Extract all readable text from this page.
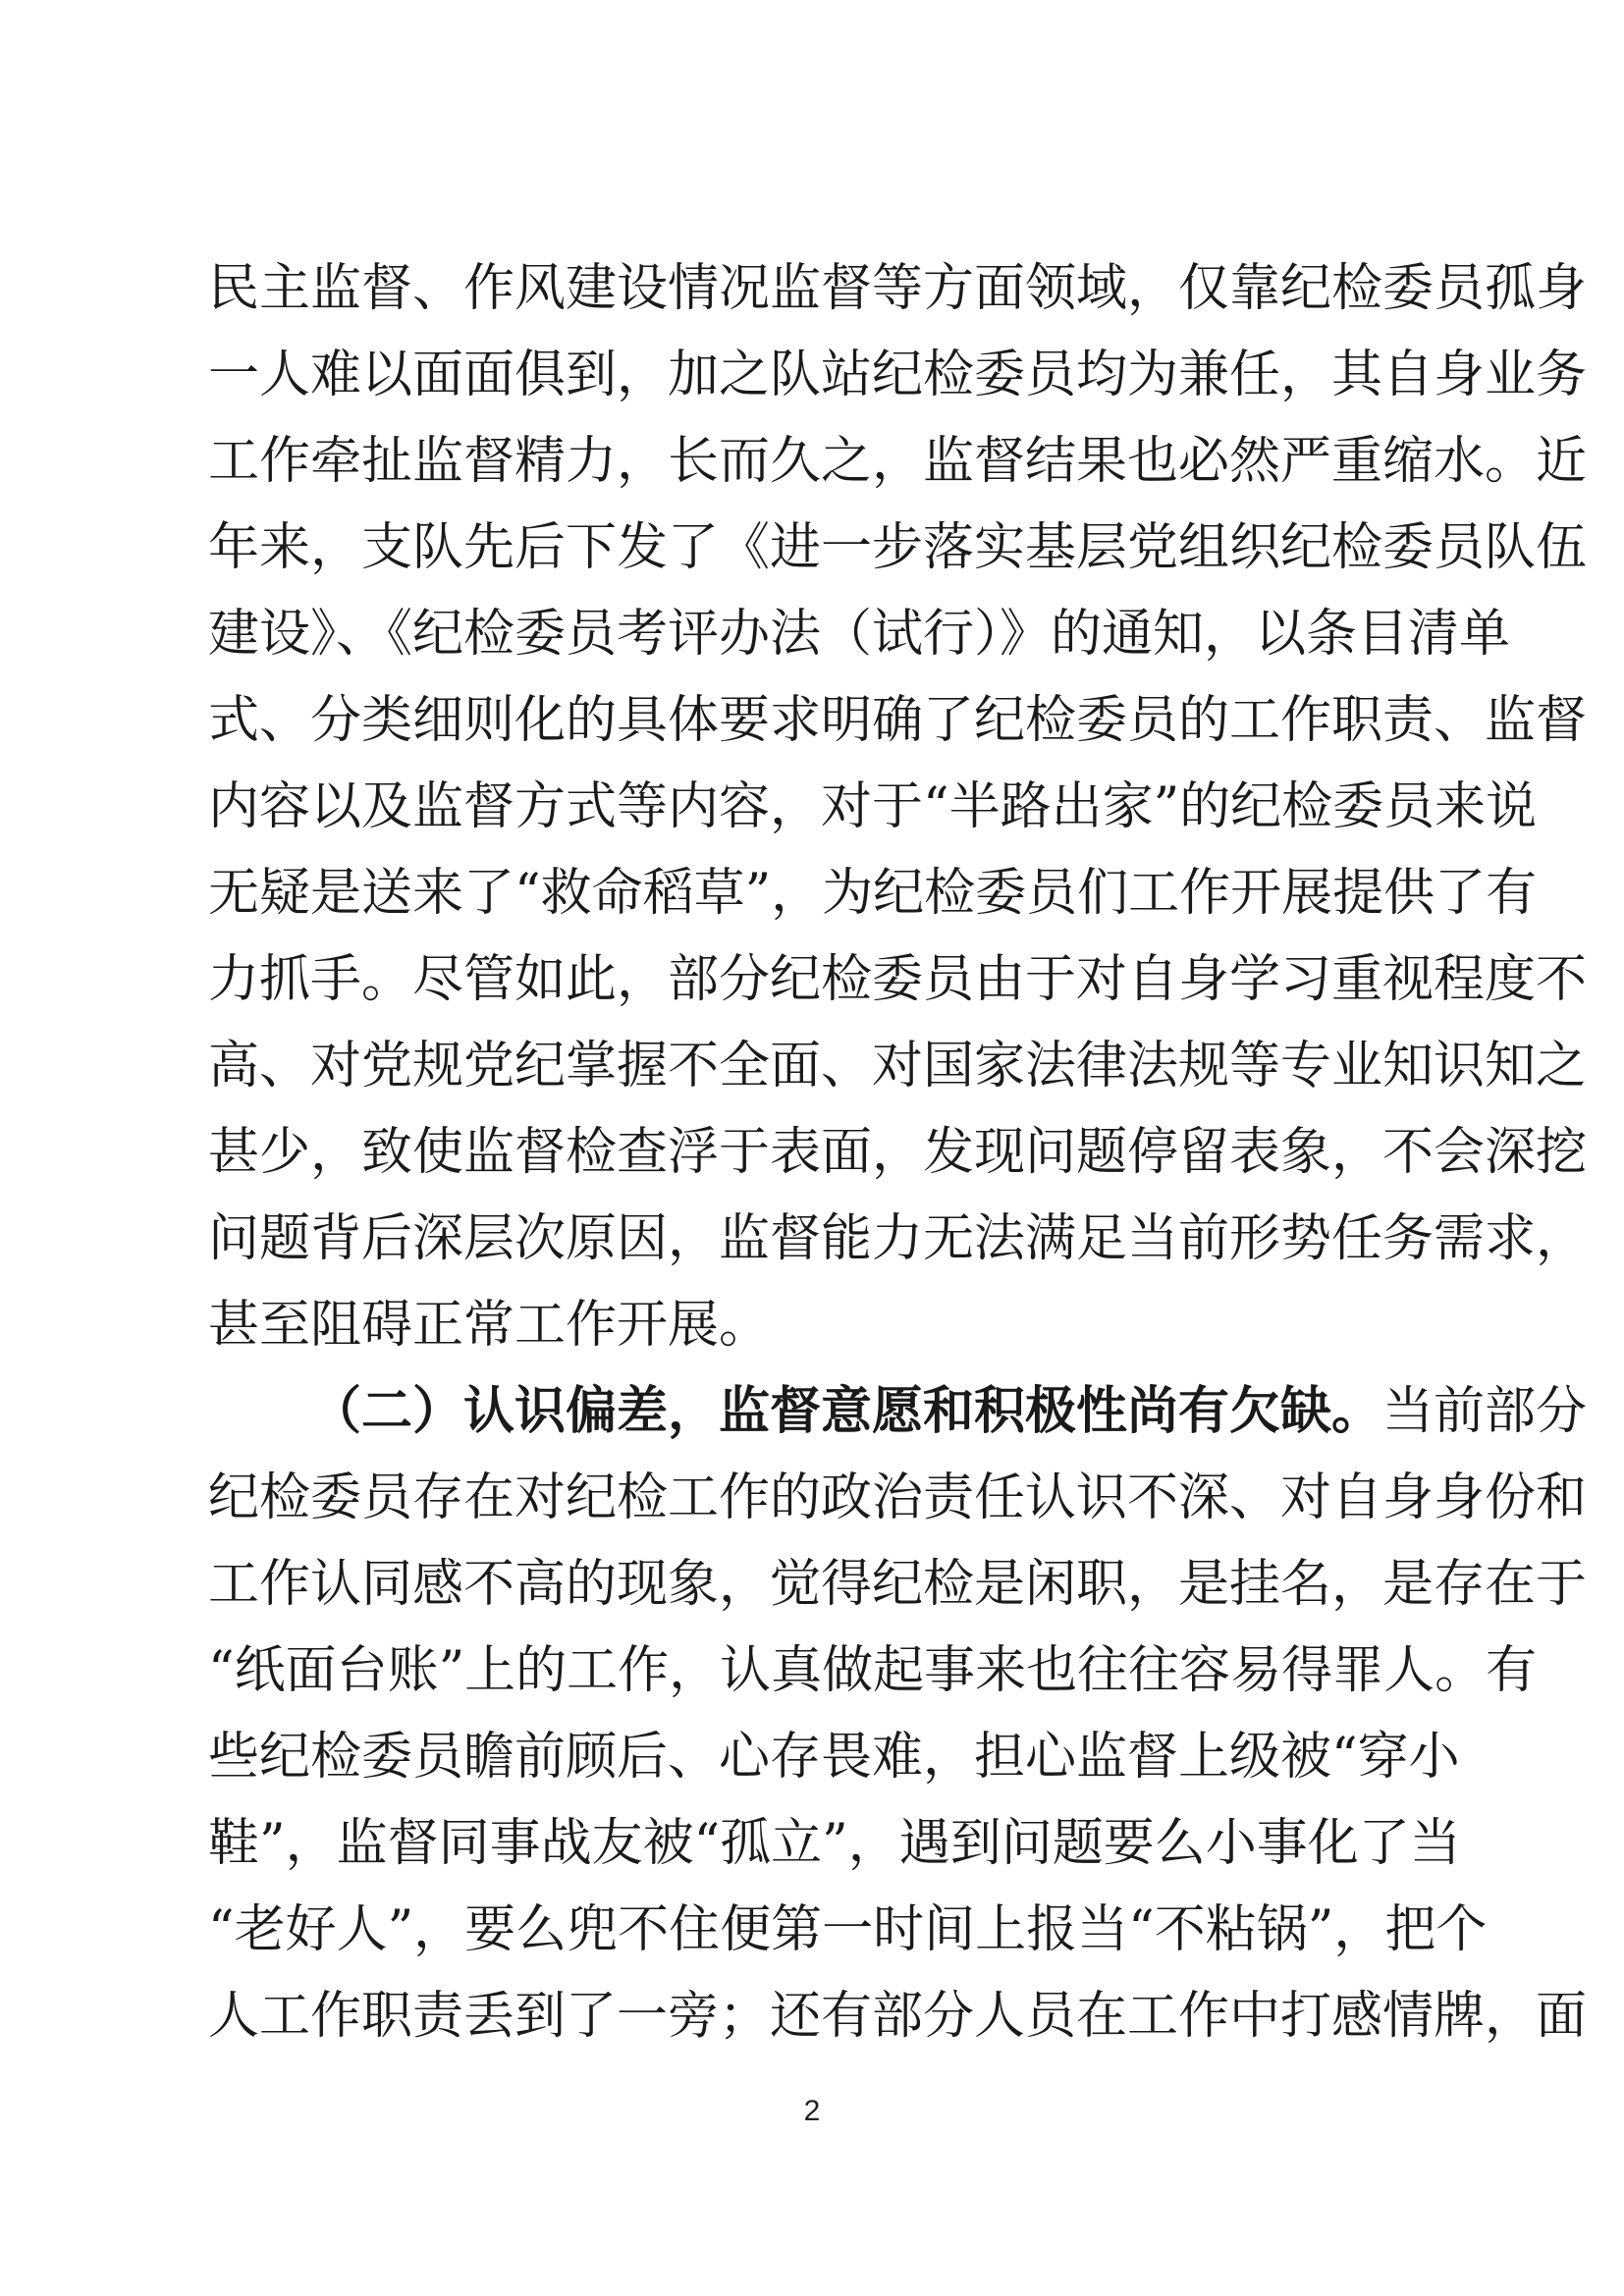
民主监督、作风建设情况监督等方面领域，仅靠纪检委员孤身
一人难以面面俱到，加之队站纪检委员均为兼任，其自身业务
工作牵扯监督精力，长而久之，监督结果也必然严重缩水。近
年来，支队先后下发了《进一步落实基层党组织纪检委员队伍
建设》、《纪检委员考评办法（试行）》的通知，以条目清单
式、分类细则化的具体要求明确了纪检委员的工作职责、监督
内容以及监督方式等内容，对于“半路出家”的纪检委员来说
无疑是送来了“救命稻草”，为纪检委员们工作开展提供了有
力抓手。尽管如此，部分纪检委员由于对自身学习重视程度不
高、对党规党纪掌握不全面、对国家法律法规等专业知识知之
甚少，致使监督检查浮于表面，发现问题停留表象，不会深挖
问题背后深层次原因，监督能力无法满足当前形势任务需求，
甚至阻碍正常工作开展。
（二）认识偏差，监督意愿和积极性尚有欠缺。当前部分
纪检委员存在对纪检工作的政治责任认识不深、对自身身份和
工作认同感不高的现象，觉得纪检是闲职，是挂名，是存在于
“纸面台账”上的工作，认真做起事来也往往容易得罪人。有
些纪检委员瞻前顾后、心存畏难，担心监督上级被“穿小
鞋”，监督同事战友被“孤立”，遇到问题要么小事化了当
“老好人”，要么兜不住便第一时间上报当“不粘锅”，把个
人工作职责丢到了一旁；还有部分人员在工作中打感情牌，面
2
